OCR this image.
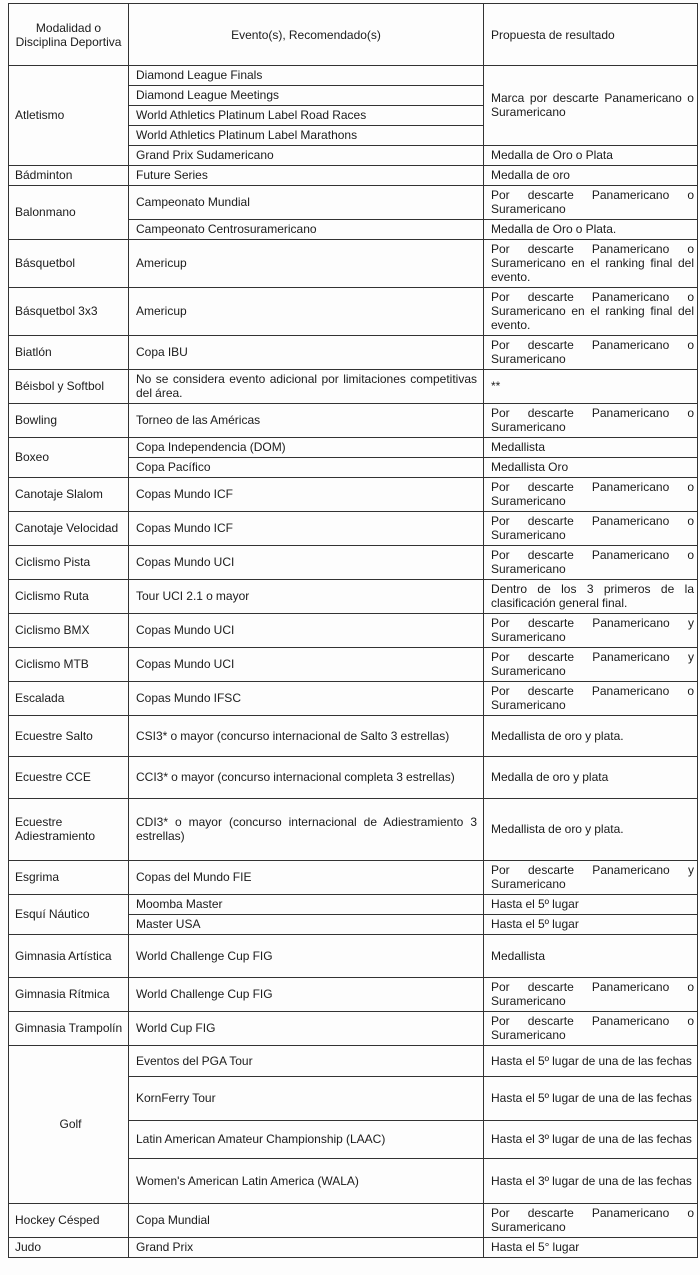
Modalidad o Disciplina Deportiva	Evento(s), Recomendado(s)	Propuesta de resultado
Atletismo	Diamond League Finals	Marca por descarte Panamericano o Suramericano
	Diamond League Meetings	
	World Athletics Platinum Label Road Races	
	World Athletics Platinum Label Marathons	
	Grand Prix Sudamericano	Medalla de Oro o Plata
Bádminton	Future Series	Medalla de oro
Balonmano	Campeonato Mundial	Por descarte Panamericano o Suramericano
	Campeonato Centrosuramericano	Medalla de Oro o Plata.
Básquetbol	Americup	Por descarte Panamericano o Suramericano en el ranking final del evento.
Básquetbol 3x3	Americup	Por descarte Panamericano o Suramericano en el ranking final del evento.
Biatlón	Copa IBU	Por descarte Panamericano o Suramericano
Béisbol y Softbol	No se considera evento adicional por limitaciones competitivas del área.	**
Bowling	Torneo de las Américas	Por descarte Panamericano o Suramericano
Boxeo	Copa Independencia (DOM)	Medallista
	Copa Pacífico	Medallista Oro
Canotaje Slalom	Copas Mundo ICF	Por descarte Panamericano o Suramericano
Canotaje Velocidad	Copas Mundo ICF	Por descarte Panamericano o Suramericano
Ciclismo Pista	Copas Mundo UCI	Por descarte Panamericano o Suramericano
Ciclismo Ruta	Tour UCI 2.1 o mayor	Dentro de los 3 primeros de la clasificación general final.
Ciclismo BMX	Copas Mundo UCI	Por descarte Panamericano y Suramericano
Ciclismo MTB	Copas Mundo UCI	Por descarte Panamericano y Suramericano
Escalada	Copas Mundo IFSC	Por descarte Panamericano o Suramericano
Ecuestre Salto	CSI3* o mayor (concurso internacional de Salto 3 estrellas)	Medallista de oro y plata.
Ecuestre CCE	CCI3* o mayor (concurso internacional completa 3 estrellas)	Medalla de oro y plata
Ecuestre Adiestramiento	CDI3* o mayor (concurso internacional de Adiestramiento 3 estrellas)	Medallista de oro y plata.
Esgrima	Copas del Mundo FIE	Por descarte Panamericano y Suramericano
Esquí Náutico	Moomba Master	Hasta el 5º lugar
	Master USA	Hasta el 5º lugar
Gimnasia Artística	World Challenge Cup FIG	Medallista
Gimnasia Rítmica	World Challenge Cup FIG	Por descarte Panamericano o Suramericano
Gimnasia Trampolín	World Cup FIG	Por descarte Panamericano o Suramericano
Golf	Eventos del PGA Tour	Hasta el 5º lugar de una de las fechas
	KornFerry Tour	Hasta el 5º lugar de una de las fechas
	Latin American Amateur Championship (LAAC)	Hasta el 3º lugar de una de las fechas
	Women's American Latin America (WALA)	Hasta el 3º lugar de una de las fechas
Hockey Césped	Copa Mundial	Por descarte Panamericano o Suramericano
Judo	Grand Prix	Hasta el 5° lugar
